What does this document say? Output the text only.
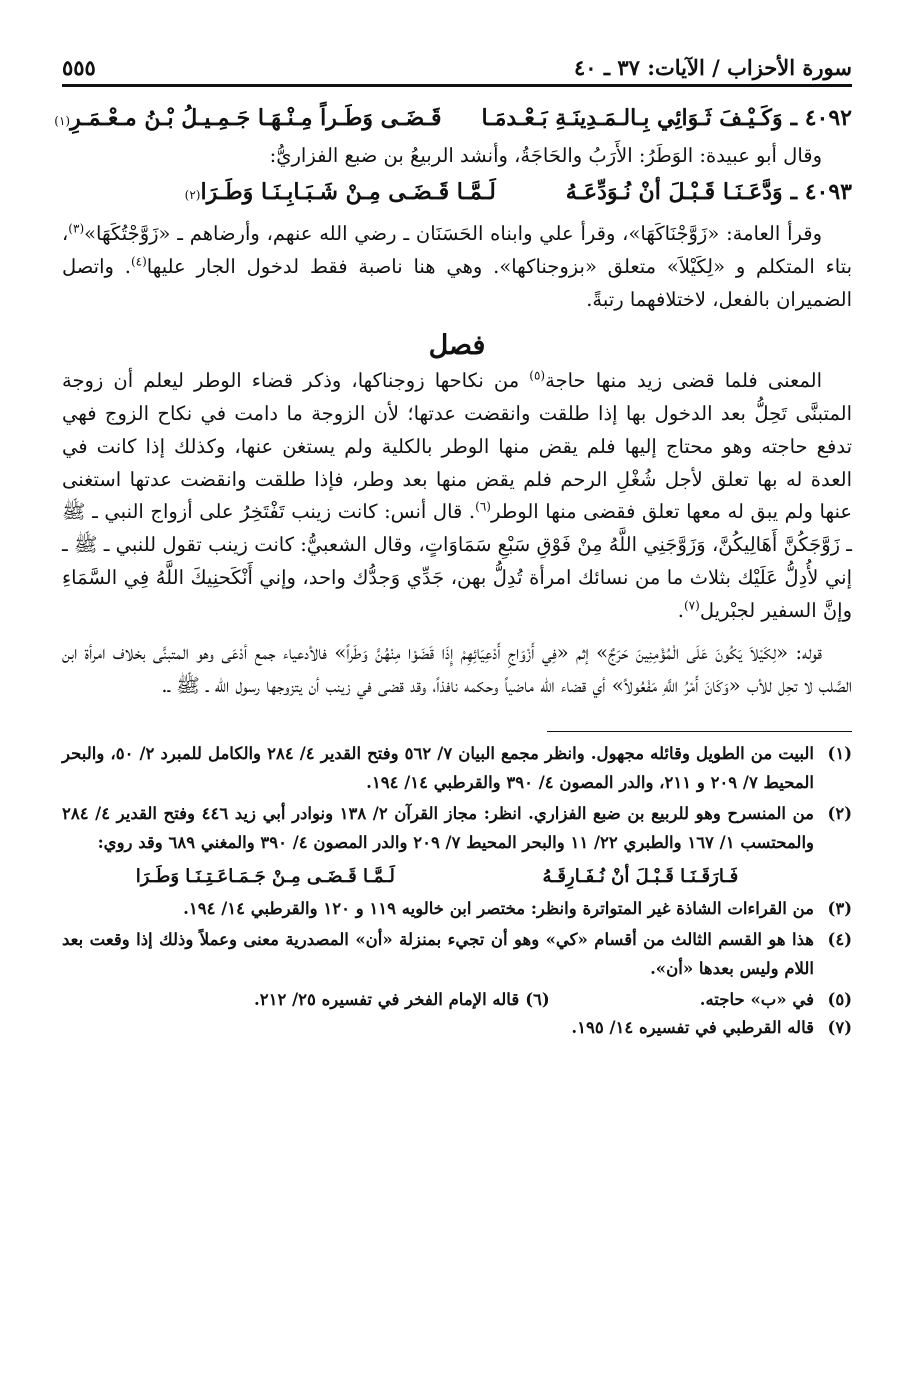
سورة الأحزاب / الآيات: ٣٧ ـ ٤٠
٥٥٥
٤٠٩٢ ـ
وَكَـيْـفَ ثَـوَائِي بِـالـمَـدِينَـةِ بَـعْـدمَـا
قَـضَـى وَطَـراً مِـنْـهَـا جَـمِـيـلُ بْـنُ مـعْـمَـرِ
(١)

وقال أبو عبيدة: الوَطَرُ: الأَرَبُ والحَاجَةُ، وأنشد الربيعُ بن ضبع الفزاريُّ:

٤٠٩٣ ـ
وَدَّعَـنَـا قَـبْـلَ أنْ نُـوَدِّعَـهُ
لَـمَّـا قَـضَـى مِـنْ شَـبَـابِـنَـا وَطَـرَا
(٢)

وقرأ العامة: «زَوَّجْنَاكَهَا»، وقرأ علي وابناه الحَسَنَان ـ رضي الله عنهم، وأرضاهم ـ «زَوَّجْتُكَهَا»$^{(٣)}$، بتاء المتكلم و «لِكَيْلاَ» متعلق «بزوجناكها». وهي هنا ناصبة فقط لدخول الجار عليها$^{(٤)}$. واتصل الضميران بالفعل، لاختلافهما رتبةً.

فصل

المعنى فلما قضى زيد منها حاجة$^{(٥)}$ من نكاحها زوجناكها، وذكر قضاء الوطر ليعلم أن زوجة المتبنَّى تَحِلُّ بعد الدخول بها إذا طلقت وانقضت عدتها؛ لأن الزوجة ما دامت في نكاح الزوج فهي تدفع حاجته وهو محتاج إليها فلم يقض منها الوطر بالكلية ولم يستغن عنها، وكذلك إذا كانت في العدة له بها تعلق لأجل شُغْلِ الرحم فلم يقض منها بعد وطر، فإذا طلقت وانقضت عدتها استغنى عنها ولم يبق له معها تعلق فقضى منها الوطر$^{(٦)}$. قال أنس: كانت زينب تَفْتَخِرُ على أزواج النبي ـ ﷺ ـ زَوَّجَكُنَّ أَهَالِيكُنَّ، وَزَوَّجَنِي اللَّهُ مِنْ فَوْقِ سَبْعِ سَمَاوَاتٍ، وقال الشعبيُّ: كانت زينب تقول للنبي ـ ﷺ ـ إني لأُدِلُّ عَلَيْك بثلاث ما من نسائك امرأة تُدِلُّ بهن، جَدِّي وَجدُّك واحد، وإني أَنْكَحنِيكَ اللَّهُ فِي السَّمَاءِ وإنَّ السفير لجبْريل$^{(٧)}$.

قوله: «لِكَيْلاَ يَكُونَ عَلَى الْمُؤْمِنِينَ حَرَجٌ» إثم «فِي أَزْوَاجِ أَدْعِيَائِهِمْ إِذَا قَضَوْا مِنْهُنَّ وَطَراً» فالأدعياء جمع أدْعَى وهو المتبنَّى بخلاف امرأة ابن الصَّلب لا تحِل للأب «وَكَانَ أَمْرُ اللَّهِ مَفْعُولاً» أي قضاء الله ماضياً وحكمه نافذاً، وقد قضى في زينب أن يتزوجها رسول الله ـ ﷺ ـ.

(١)
البيت من الطويل وقائله مجهول. وانظر مجمع البيان ٧/ ٥٦٢ وفتح القدير ٤/ ٢٨٤ والكامل للمبرد ٢/ ٥٠، والبحر المحيط ٧/ ٢٠٩ و ٢١١، والدر المصون ٤/ ٣٩٠ والقرطبي ١٤/ ١٩٤.
(٢)
من المنسرح وهو للربيع بن ضبع الفزاري. انظر: مجاز القرآن ٢/ ١٣٨ ونوادر أبي زيد ٤٤٦ وفتح القدير ٤/ ٢٨٤ والمحتسب ١/ ١٦٧ والطبري ٢٢/ ١١ والبحر المحيط ٧/ ٢٠٩ والدر المصون ٤/ ٣٩٠ والمغني ٦٨٩ وقد روي:
فَـارَقَـنَـا قَـبْـلَ أنْ نُـفَـارِقَـهُ
لَـمَّـا قَـضَـى مِـنْ جَـمَـاعَـتِـنَـا وَطَـرَا
(٣)
من القراءات الشاذة غير المتواترة وانظر: مختصر ابن خالويه ١١٩ و ١٢٠ والقرطبي ١٤/ ١٩٤.
(٤)
هذا هو القسم الثالث من أقسام «كي» وهو أن تجيء بمنزلة «أن» المصدرية معنى وعملاً وذلك إذا وقعت بعد اللام وليس بعدها «أن».
(٥)
في «ب» حاجته.
(٦)
قاله الإمام الفخر في تفسيره ٢٥/ ٢١٢.
(٧)
قاله القرطبي في تفسيره ١٤/ ١٩٥.
